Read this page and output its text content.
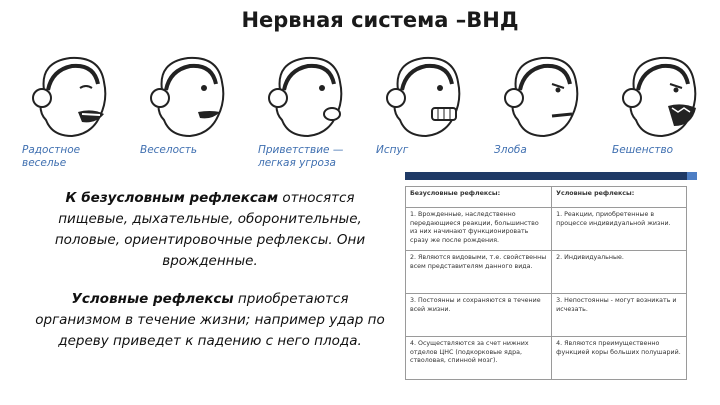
Нервная система –ВНД
Радостное
веселье
Веселость	Приветствие —
легкая угроза
Испуг	Злоба	Бешенство

К безусловным рефлексам относятся пищевые, дыхательные, оборонительные, половые, ориентировочные рефлексы. Они врожденные.

Условные рефлексы приобретаются организмом в течение жизни; например удар по дереву приведет к падению с него плода.

Безусловные рефлексы:	Условные рефлексы:
1. Врожденные, наследственно передающиеся реакции, большинство из них начинают функционировать сразу же после рождения.	1. Реакции, приобретенные в процессе индивидуальной жизни.
2. Являются видовыми, т.е. свойственны всем представителям данного вида.	2. Индивидуальные.
3. Постоянны и сохраняются в течение всей жизни.	3. Непостоянны - могут возникать и исчезать.
4. Осуществляются за счет нижних отделов ЦНС (подкорковые ядра, стволовая, спинной мозг).	4. Являются преимущественно функцией коры больших полушарий.
